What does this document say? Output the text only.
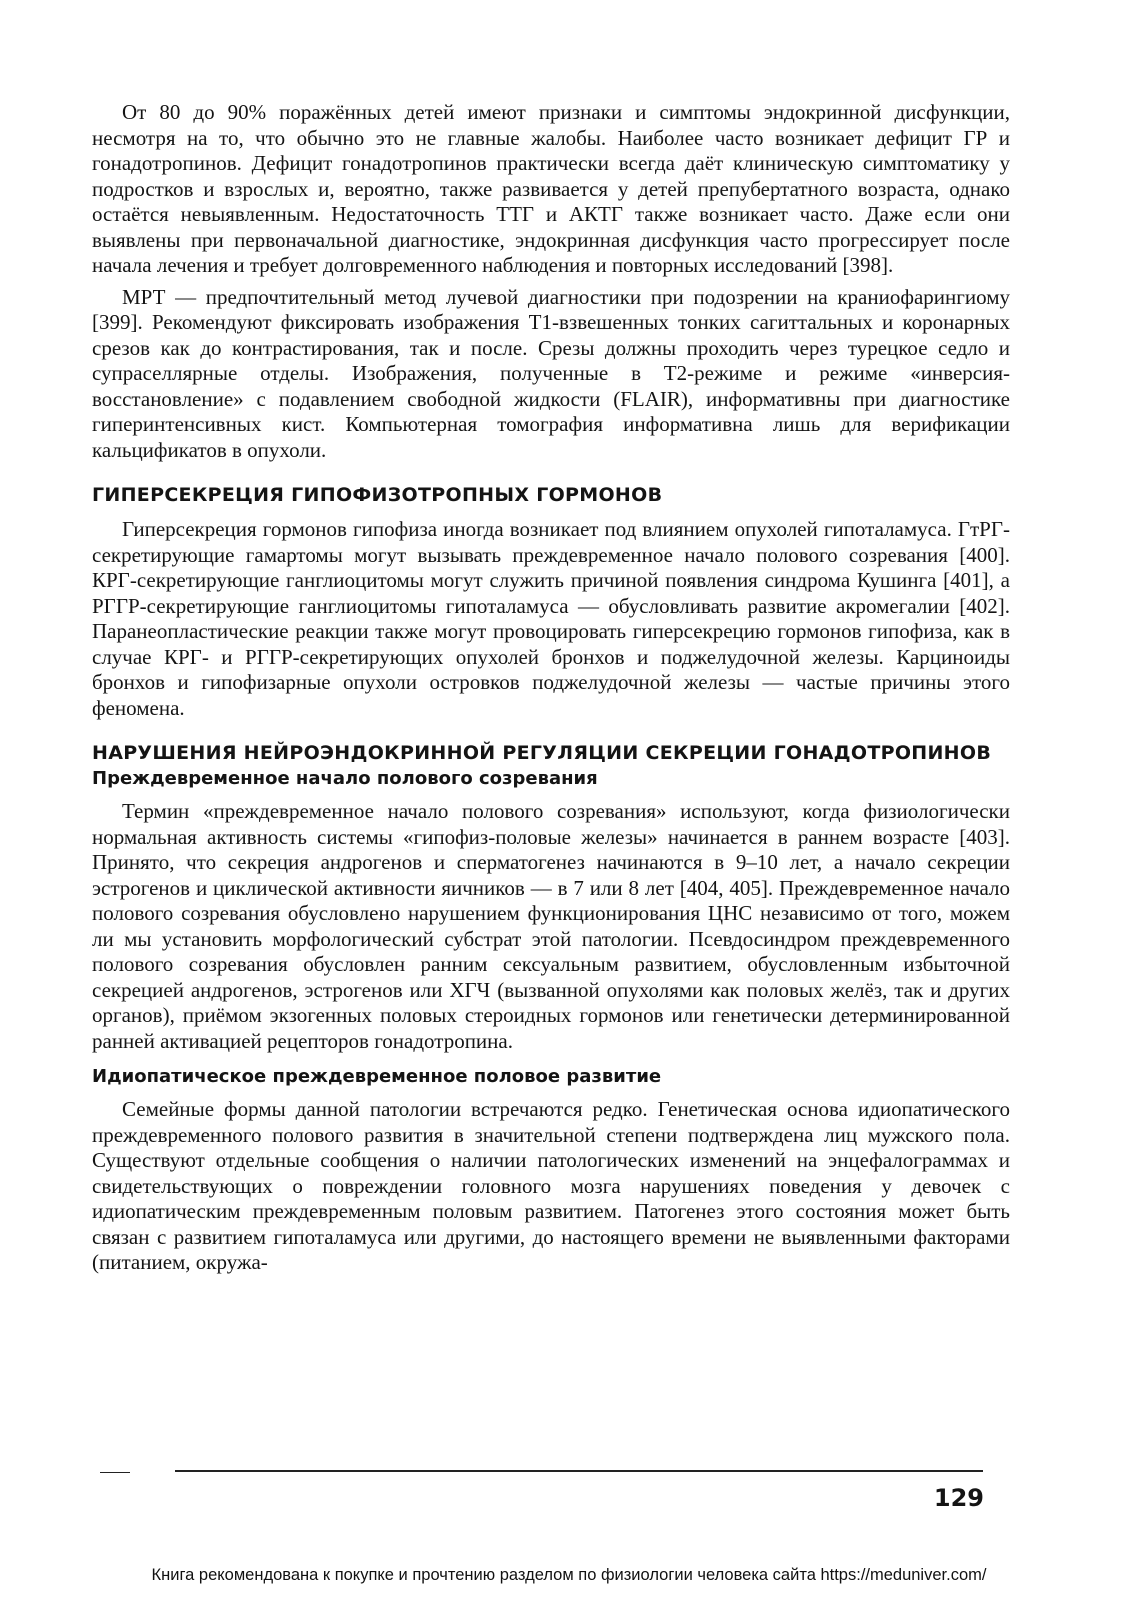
От 80 до 90% поражённых детей имеют признаки и симптомы эндокринной дисфункции, несмотря на то, что обычно это не главные жалобы. Наиболее часто возникает дефицит ГР и гонадотропинов. Дефицит гонадотропинов практически всегда даёт клиническую симптоматику у подростков и взрослых и, вероятно, также развивается у детей препубертатного возраста, однако остаётся невыявленным. Недостаточность ТТГ и АКТГ также возникает часто. Даже если они выявлены при первоначальной диагностике, эндокринная дисфункция часто прогрессирует после начала лечения и требует долговременного наблюдения и повторных исследований [398].

МРТ — предпочтительный метод лучевой диагностики при подозрении на краниофарингиому [399]. Рекомендуют фиксировать изображения T1-взвешенных тонких сагиттальных и коронарных срезов как до контрастирования, так и после. Срезы должны проходить через турецкое седло и супраселлярные отделы. Изображения, полученные в T2-режиме и режиме «инверсия-восстановление» с подавлением свободной жидкости (FLAIR), информативны при диагностике гиперинтенсивных кист. Компьютерная томография информативна лишь для верификации кальцификатов в опухоли.

ГИПЕРСЕКРЕЦИЯ ГИПОФИЗОТРОПНЫХ ГОРМОНОВ

Гиперсекреция гормонов гипофиза иногда возникает под влиянием опухолей гипоталамуса. ГтРГ-секретирующие гамартомы могут вызывать преждевременное начало полового созревания [400]. КРГ-секретирующие ганглиоцитомы могут служить причиной появления синдрома Кушинга [401], а РГГР-секретирующие ганглиоцитомы гипоталамуса — обусловливать развитие акромегалии [402]. Паранеопластические реакции также могут провоцировать гиперсекрецию гормонов гипофиза, как в случае КРГ- и РГГР-секретирующих опухолей бронхов и поджелудочной железы. Карциноиды бронхов и гипофизарные опухоли островков поджелудочной железы — частые причины этого феномена.

НАРУШЕНИЯ НЕЙРОЭНДОКРИННОЙ РЕГУЛЯЦИИ СЕКРЕЦИИ ГОНАДОТРОПИНОВ
Преждевременное начало полового созревания

Термин «преждевременное начало полового созревания» используют, когда физиологически нормальная активность системы «гипофиз-половые железы» начинается в раннем возрасте [403]. Принято, что секреция андрогенов и сперматогенез начинаются в 9–10 лет, а начало секреции эстрогенов и циклической активности яичников — в 7 или 8 лет [404, 405]. Преждевременное начало полового созревания обусловлено нарушением функционирования ЦНС независимо от того, можем ли мы установить морфологический субстрат этой патологии. Псевдосиндром преждевременного полового созревания обусловлен ранним сексуальным развитием, обусловленным избыточной секрецией андрогенов, эстрогенов или ХГЧ (вызванной опухолями как половых желёз, так и других органов), приёмом экзогенных половых стероидных гормонов или генетически детерминированной ранней активацией рецепторов гонадотропина.

Идиопатическое преждевременное половое развитие

Семейные формы данной патологии встречаются редко. Генетическая основа идиопатического преждевременного полового развития в значительной степени подтверждена лиц мужского пола. Существуют отдельные сообщения о наличии патологических изменений на энцефалограммах и свидетельствующих о повреждении головного мозга нарушениях поведения у девочек с идиопатическим преждевременным половым развитием. Патогенез этого состояния может быть связан с развитием гипоталамуса или другими, до настоящего времени не выявленными факторами (питанием, окружа-

129
Книга рекомендована к покупке и прочтению разделом по физиологии человека сайта https://meduniver.com/
